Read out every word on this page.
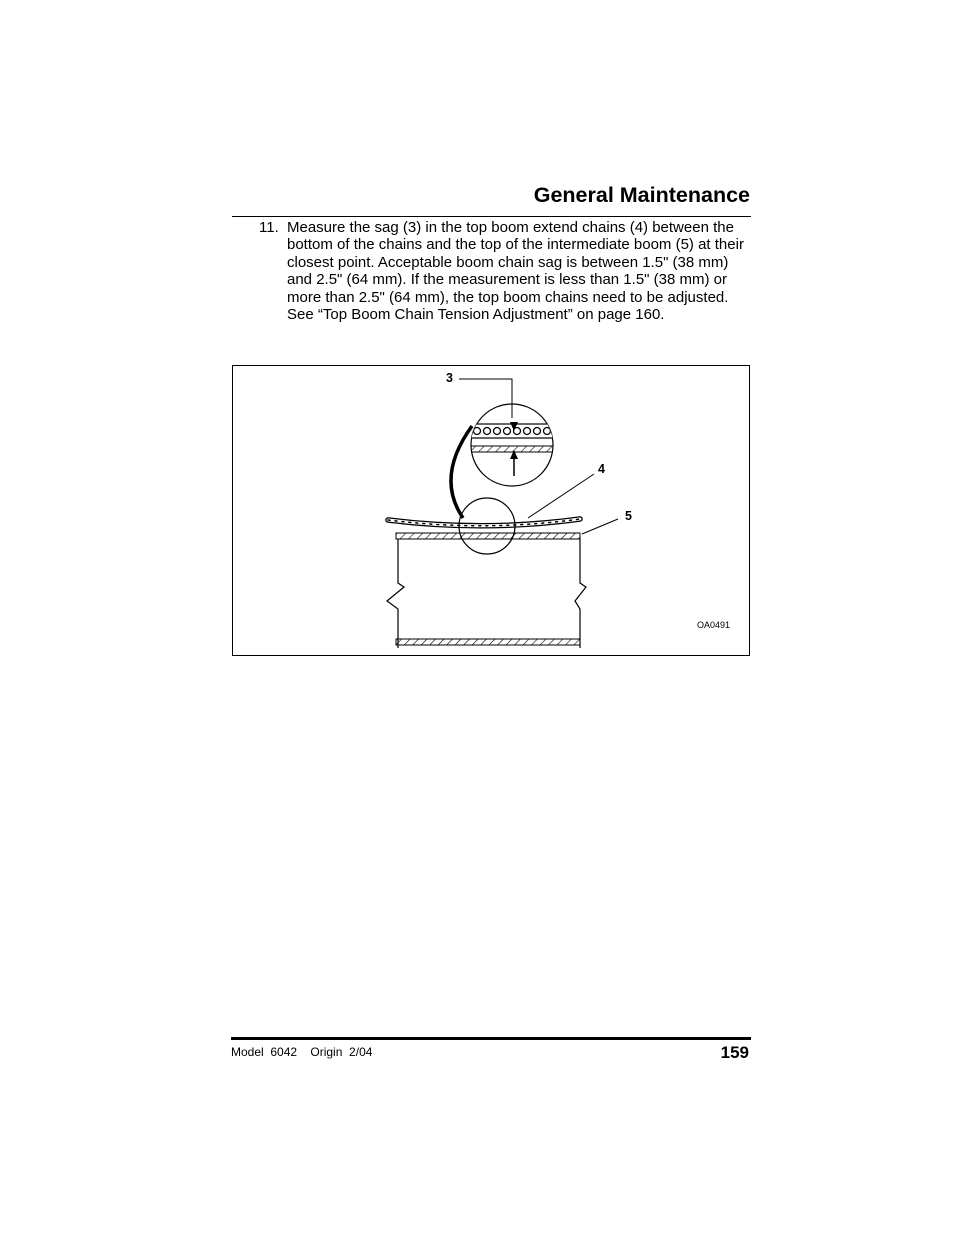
General Maintenance
11. Measure the sag (3) in the top boom extend chains (4) between the bottom of the chains and the top of the intermediate boom (5) at their closest point. Acceptable boom chain sag is between 1.5" (38 mm) and 2.5" (64 mm). If the measurement is less than 1.5" (38 mm) or more than 2.5" (64 mm), the top boom chains need to be adjusted. See “Top Boom Chain Tension Adjustment” on page 160.
3
4
5
OA0491
Model  6042    Origin  2/04	159
